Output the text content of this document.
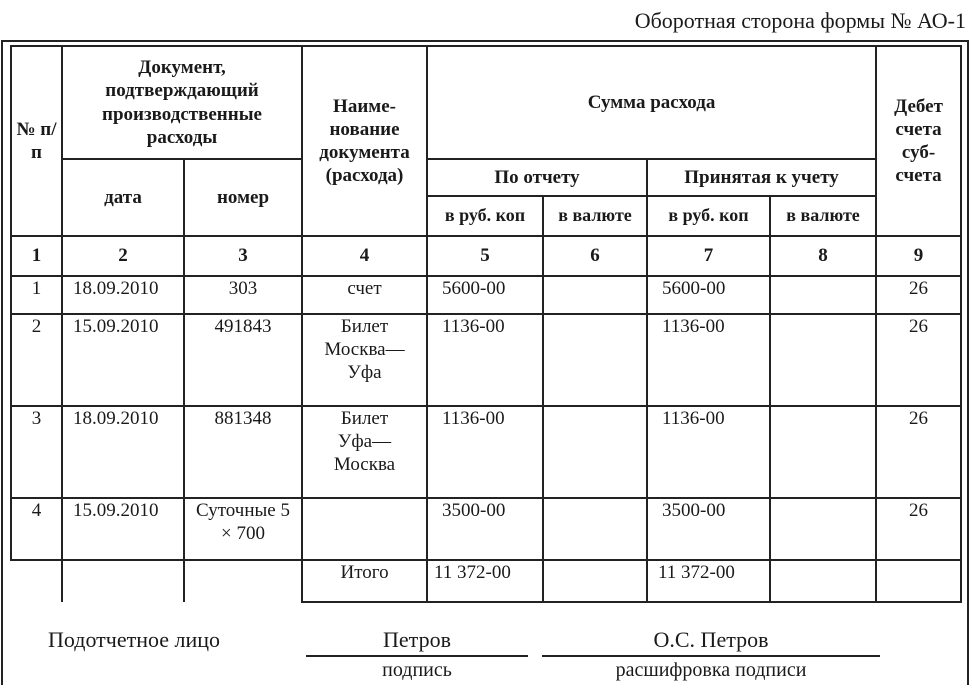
Оборотная сторона формы № АО-1
№ п/п	Документ, подтверждающий производственные расходы		Наиме-нование документа (расхода)	Сумма расхода				Дебет счета суб-счета
	дата	номер		По отчету		Принятая к учету		
				в руб. коп	в валюте	в руб. коп	в валюте	
1	2	3	4	5	6	7	8	9
1	18.09.2010	303	счет	5600-00		5600-00		26
2	15.09.2010	491843	Билет Москва—Уфа	1136-00		1136-00		26
3	18.09.2010	881348	Билет Уфа—Москва	1136-00		1136-00		26
4	15.09.2010	Суточные 5 × 700		3500-00		3500-00		26
			Итого	11 372-00		11 372-00		
Подотчетное лицо	Петров
подпись
О.С. Петров
расшифровка подписи
